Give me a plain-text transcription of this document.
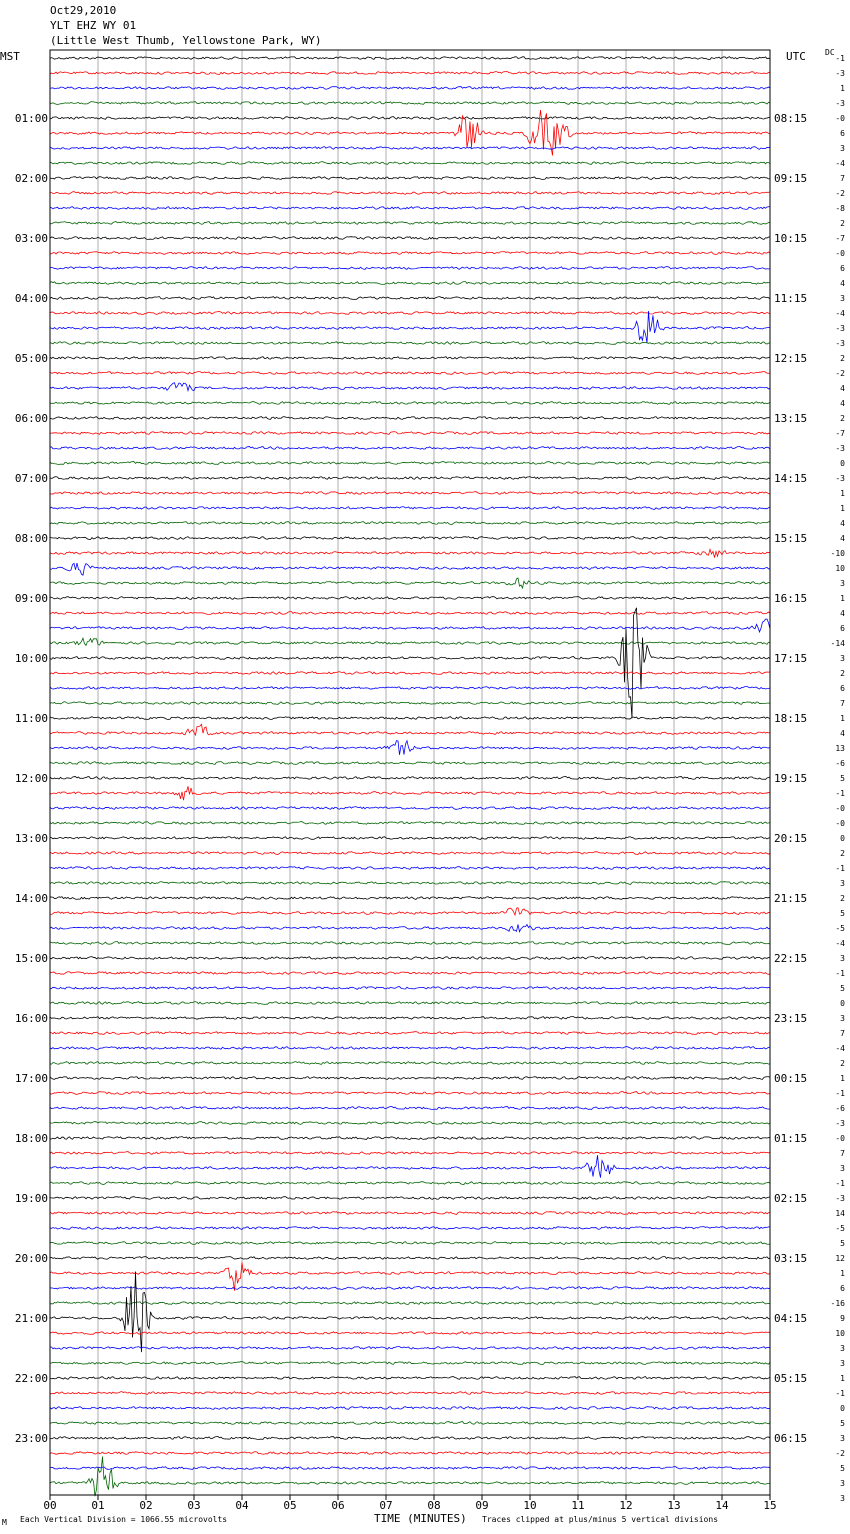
Oct29,2010
YLT EHZ WY 01
(Little West Thumb, Yellowstone Park, WY)
MST	UTC DC
01:00
02:00
03:00
04:00
05:00
06:00
07:00
08:00
09:00
10:00
11:00
12:00
13:00
14:00
15:00
16:00
17:00
18:00
19:00
20:00
21:00
22:00
23:00
08:15
09:15
10:15
11:15
12:15
13:15
14:15
15:15
16:15
17:15
18:15
19:15
20:15
21:15
22:15
23:15
00:15
01:15
02:15
03:15
04:15
05:15
06:15
-1
-3
1
-3
-0
6
3
-4
7
-2
-8
2
-7
-0
6
4
3
-4
-3
-3
2
-2
4
4
2
-7
-3
0
-3
1
1
4
4
-10
10
3
1
4
6
-14
3
2
6
7
1
4
13
-6
5
-1
-0
-0
0
2
-1
3
2
5
-5
-4
3
-1
5
0
3
7
-4
2
1
-1
-6
-3
-0
7
3
-1
-3
14
-5
5
12
1
6
-16
9
10
3
3
1
-1
0
5
3
-2
5
3
3
00	01	02	03	04	05	06	07	08	09	10	11	12	13	14	15
M Each Vertical Division = 1066.55 microvolts	TIME (MINUTES) Traces clipped at plus/minus 5 vertical divisions
